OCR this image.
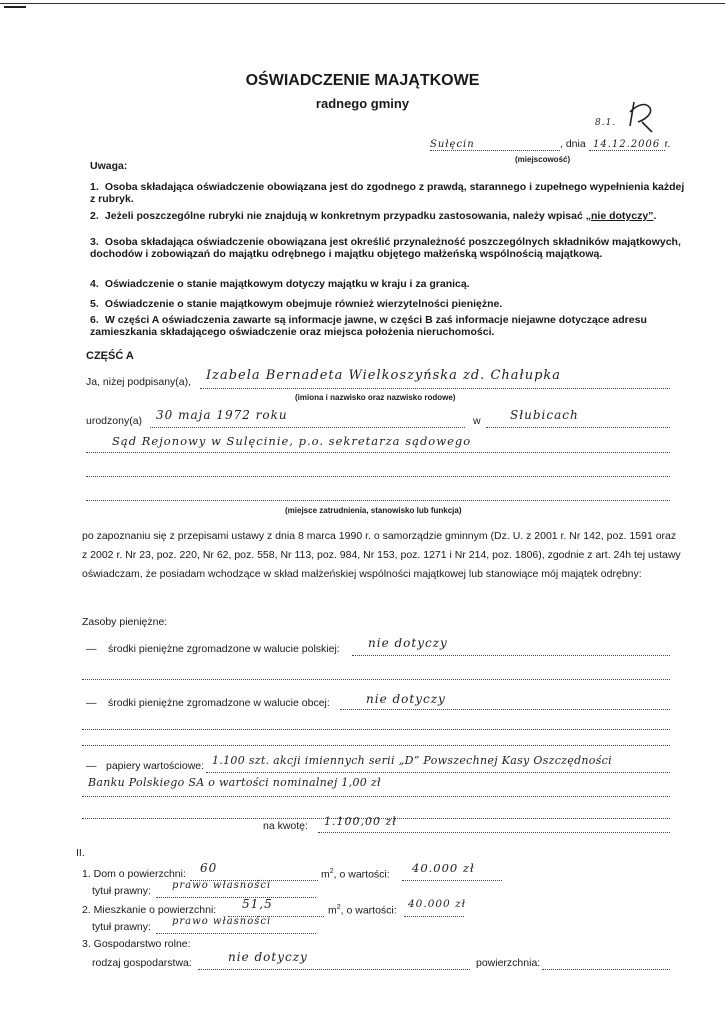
OŚWIADCZENIE MAJĄTKOWE
radnego gminy
8.1.
Sułęcin	, dnia 14.12.2006 r.
(miejscowość)
Uwaga:
1. Osoba składająca oświadczenie obowiązana jest do zgodnego z prawdą, starannego i zupełnego wypełnienia każdej z rubryk.
2. Jeżeli poszczególne rubryki nie znajdują w konkretnym przypadku zastosowania, należy wpisać „nie dotyczy”.
3. Osoba składająca oświadczenie obowiązana jest określić przynależność poszczególnych składników majątkowych, dochodów i zobowiązań do majątku odrębnego i majątku objętego małżeńską wspólnością majątkową.
4. Oświadczenie o stanie majątkowym dotyczy majątku w kraju i za granicą.
5. Oświadczenie o stanie majątkowym obejmuje również wierzytelności pieniężne.
6. W części A oświadczenia zawarte są informacje jawne, w części B zaś informacje niejawne dotyczące adresu zamieszkania składającego oświadczenie oraz miejsca położenia nieruchomości.
CZĘŚĆ A
Ja, niżej podpisany(a), Izabela Bernadeta Wielkoszyńska zd. Chałupka
(imiona i nazwisko oraz nazwisko rodowe)
urodzony(a) 30 maja 1972 roku	w Słubicach
Sąd Rejonowy w Sulęcinie, p.o. sekretarza sądowego
(miejsce zatrudnienia, stanowisko lub funkcja)
po zapoznaniu się z przepisami ustawy z dnia 8 marca 1990 r. o samorządzie gminnym (Dz. U. z 2001 r. Nr 142, poz. 1591 oraz z 2002 r. Nr 23, poz. 220, Nr 62, poz. 558, Nr 113, poz. 984, Nr 153, poz. 1271 i Nr 214, poz. 1806), zgodnie z art. 24h tej ustawy oświadczam, że posiadam wchodzące w skład małżeńskiej wspólności majątkowej lub stanowiące mój majątek odrębny:
Zasoby pieniężne:
— środki pieniężne zgromadzone w walucie polskiej: nie dotyczy
— środki pieniężne zgromadzone w walucie obcej:	nie dotyczy
— papiery wartościowe: 1.100 szt. akcji imiennych serii „D” Powszechnej Kasy Oszczędności
Banku Polskiego SA o wartości nominalnej 1,00 zł
na kwotę: 1.100,00 zł
II.
1. Dom o powierzchni: 60	$m^2$, o wartości: 40.000 zł
tytuł prawny: prawo własności
2. Mieszkanie o powierzchni: 51,5	$m^2$, o wartości:
40.000 zł
tytuł prawny: prawo własności
3. Gospodarstwo rolne:
rodzaj gospodarstwa:	nie dotyczy	powierzchnia:
